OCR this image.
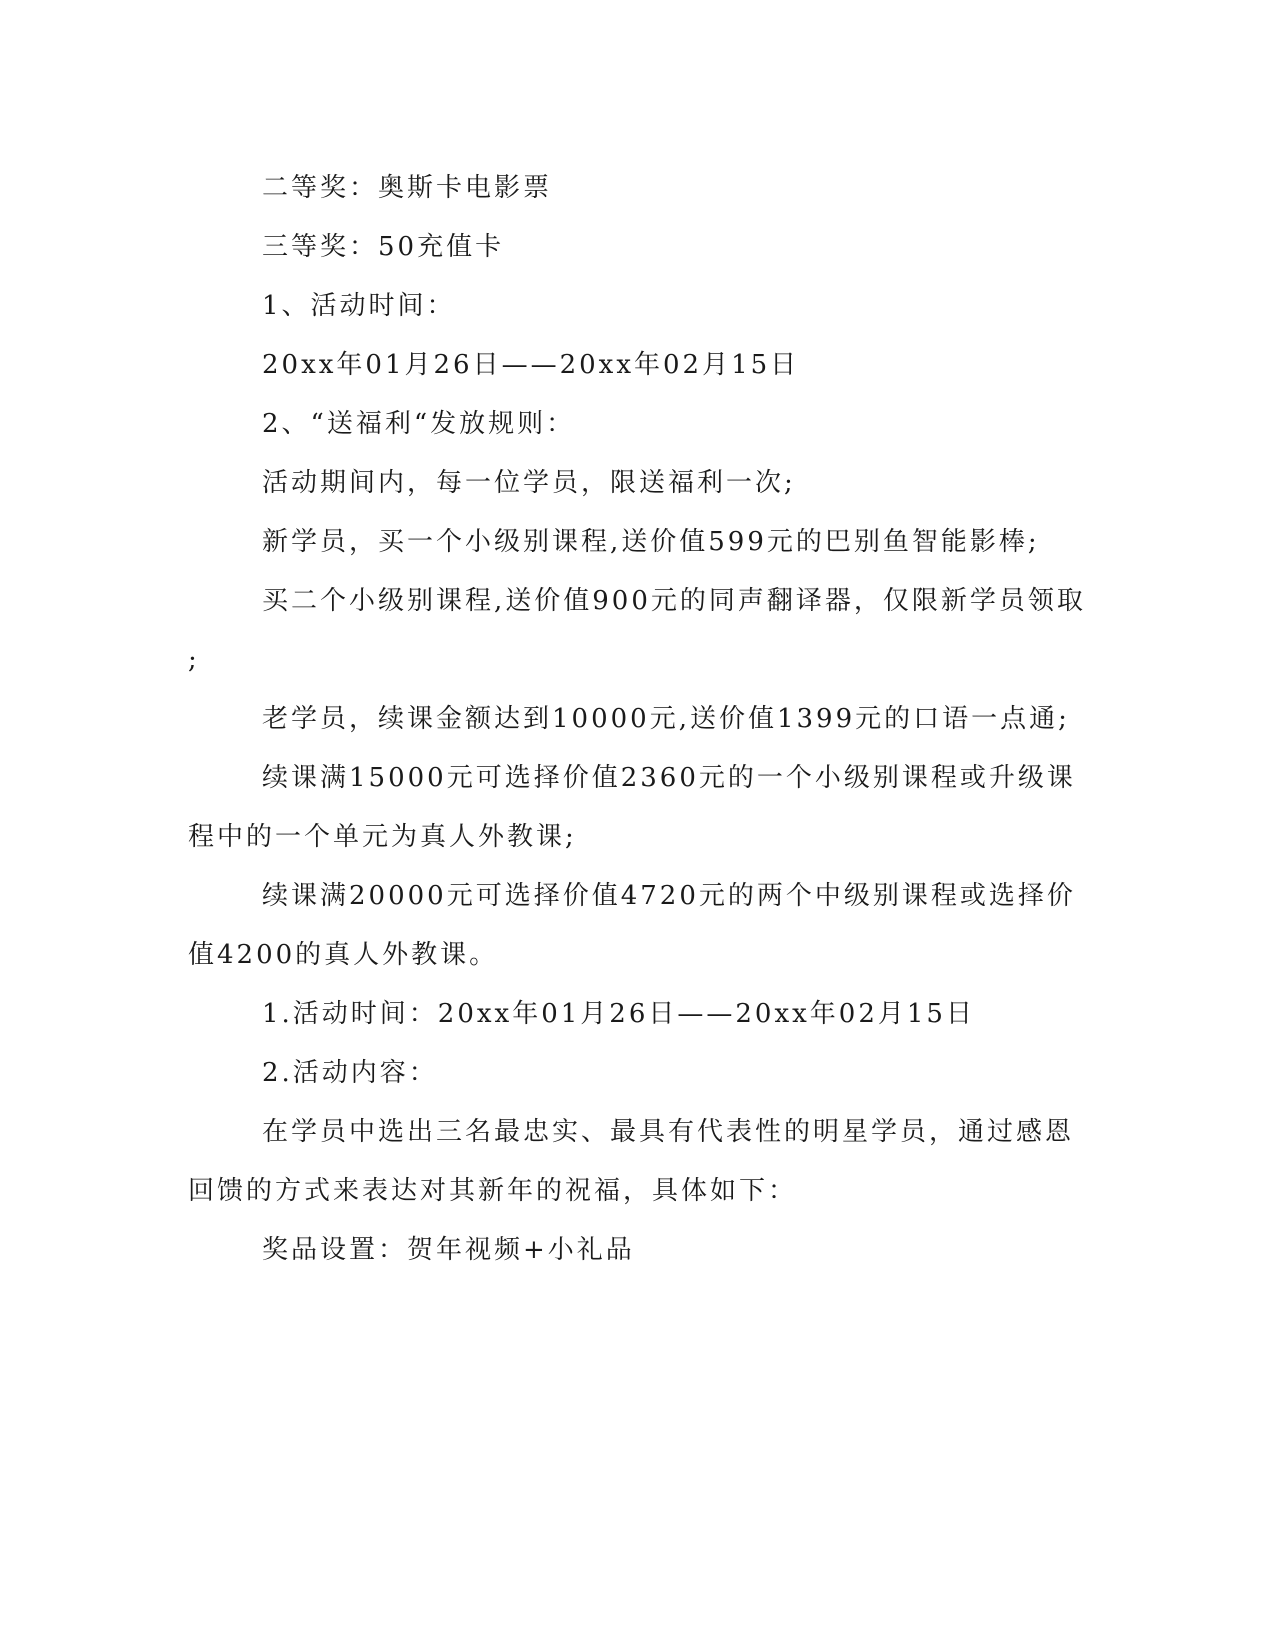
二等奖：奥斯卡电影票
三等奖：50充值卡
1、活动时间：
20xx年01月26日——20xx年02月15日
2、“送福利“发放规则：
活动期间内，每一位学员，限送福利一次;
新学员，买一个小级别课程,送价值599元的巴别鱼智能影棒;
买二个小级别课程,送价值900元的同声翻译器，仅限新学员领取
;
老学员，续课金额达到10000元,送价值1399元的口语一点通;
续课满15000元可选择价值2360元的一个小级别课程或升级课
程中的一个单元为真人外教课;
续课满20000元可选择价值4720元的两个中级别课程或选择价
值4200的真人外教课。
1.活动时间：20xx年01月26日——20xx年02月15日
2.活动内容：
在学员中选出三名最忠实、最具有代表性的明星学员，通过感恩
回馈的方式来表达对其新年的祝福，具体如下：
奖品设置：贺年视频+小礼品
